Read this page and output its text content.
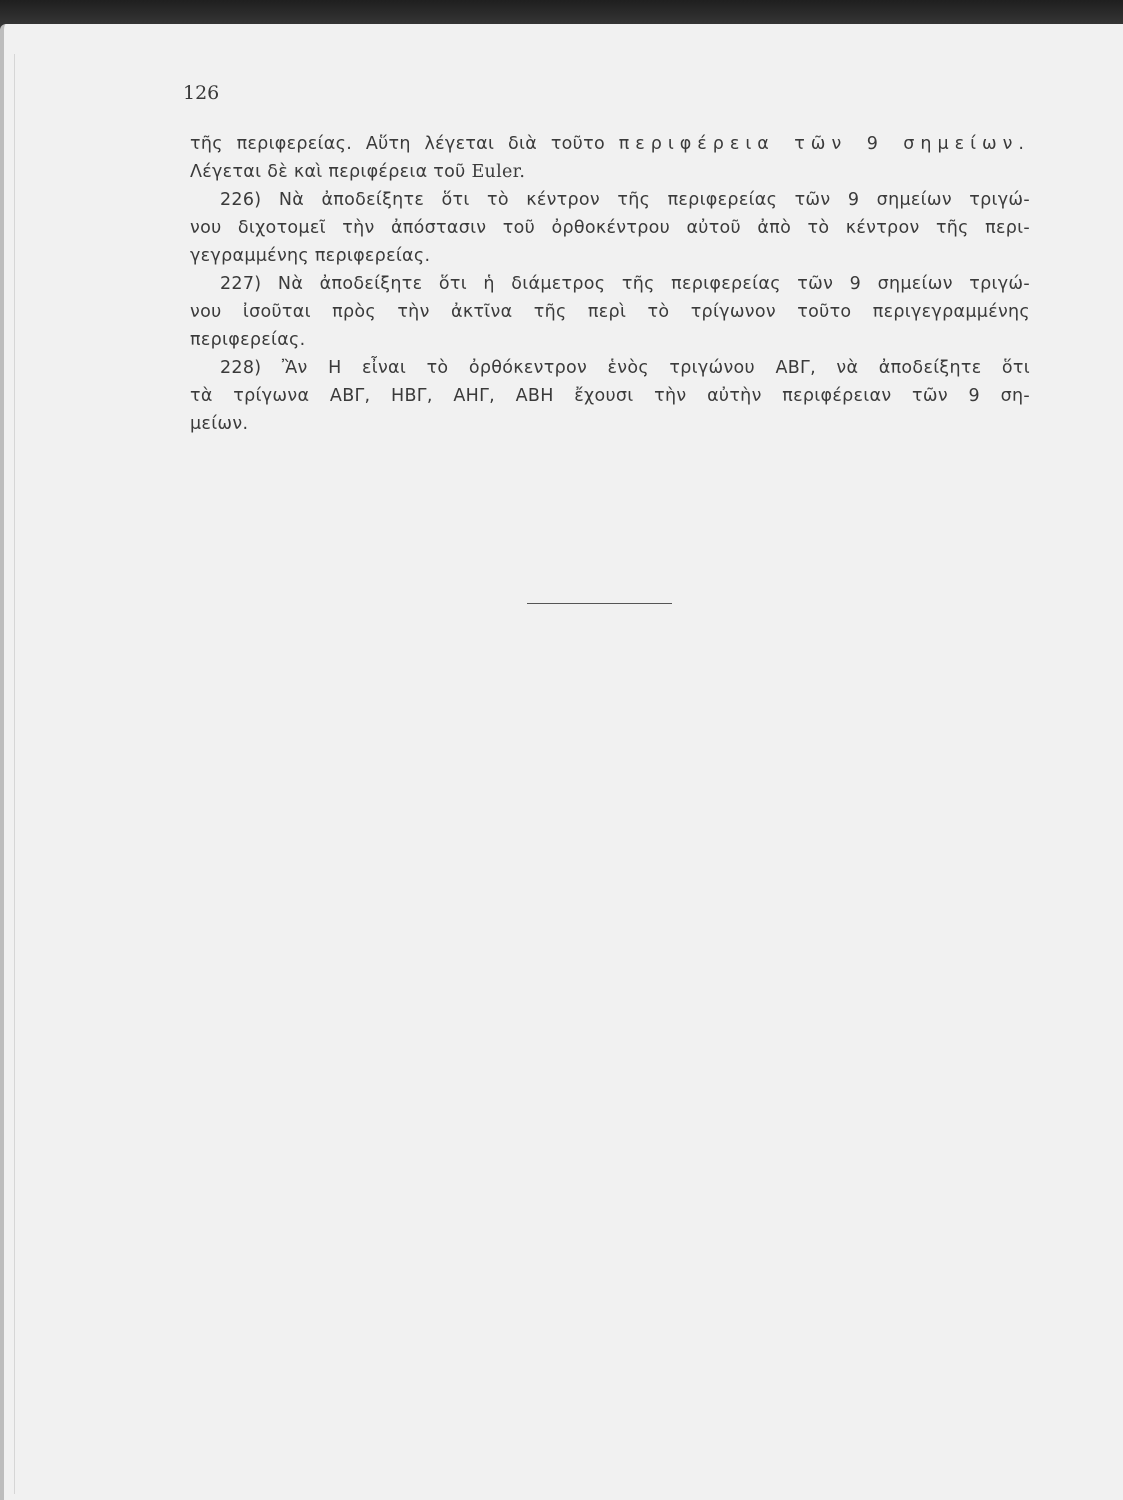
126
τῆς περιφερείας. Αὕτη λέγεται διὰ τοῦτο περιφέρεια τῶν 9 σημείων.
Λέγεται δὲ καὶ περιφέρεια τοῦ Euler.
226) Νὰ ἀποδείξητε ὅτι τὸ κέντρον τῆς περιφερείας τῶν 9 σημείων τριγώ-
νου διχοτομεῖ τὴν ἀπόστασιν τοῦ ὀρθοκέντρου αὐτοῦ ἀπὸ τὸ κέντρον τῆς περι-
γεγραμμένης περιφερείας.
227) Νὰ ἀποδείξητε ὅτι ἡ διάμετρος τῆς περιφερείας τῶν 9 σημείων τριγώ-
νου ἰσοῦται πρὸς τὴν ἀκτῖνα τῆς περὶ τὸ τρίγωνον τοῦτο περιγεγραμμένης
περιφερείας.
228) Ἂν Η εἶναι τὸ ὀρθόκεντρον ἑνὸς τριγώνου ΑΒΓ, νὰ ἀποδείξητε ὅτι
τὰ τρίγωνα ΑΒΓ, ΗΒΓ, ΑΗΓ, ΑΒΗ ἔχουσι τὴν αὐτὴν περιφέρειαν τῶν 9 ση-
μείων.
